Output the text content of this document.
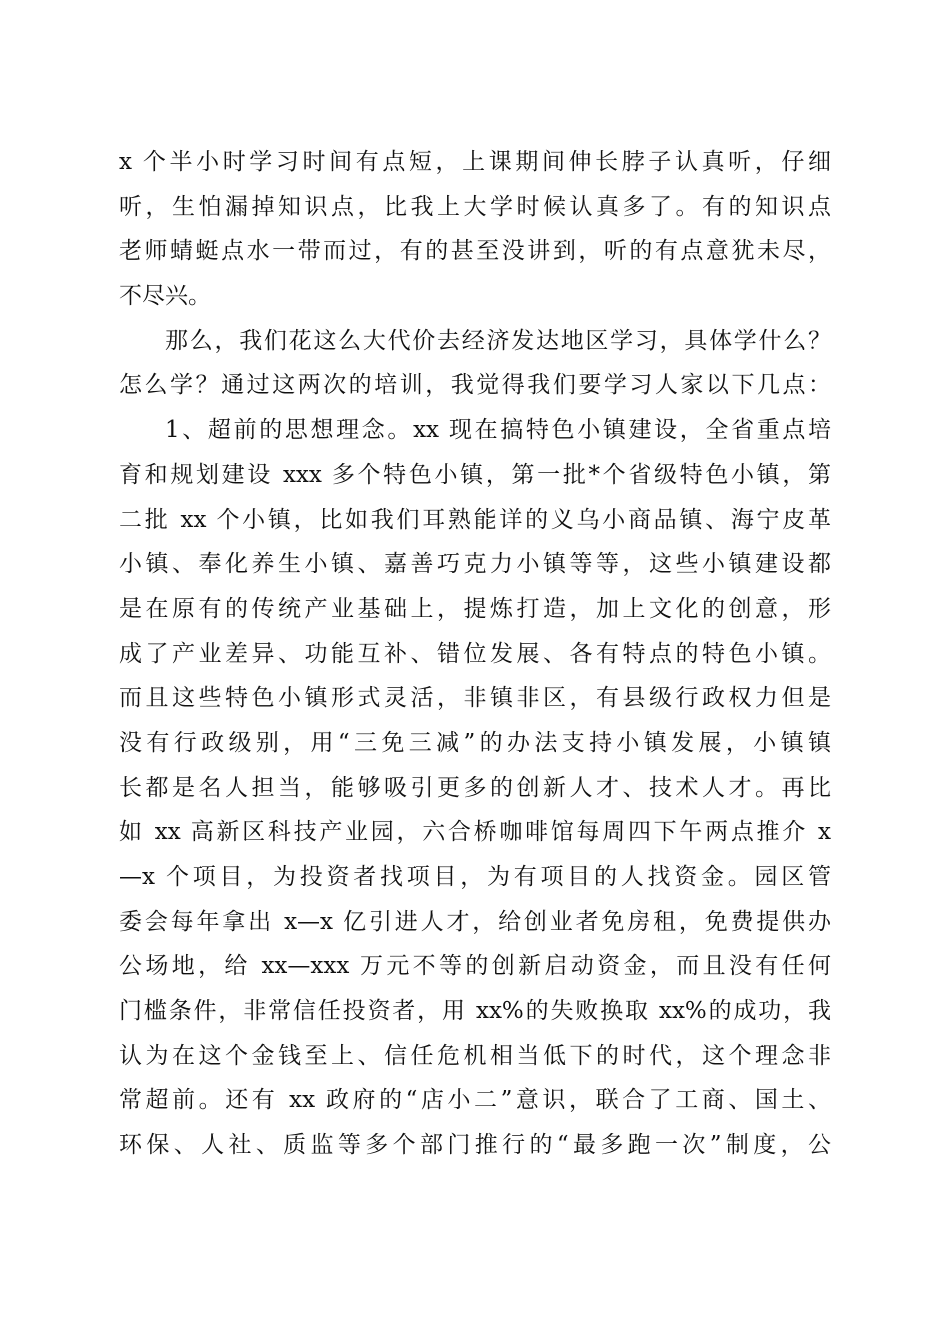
x 个半小时学习时间有点短，上课期间伸长脖子认真听，仔细
听，生怕漏掉知识点，比我上大学时候认真多了。有的知识点
老师蜻蜓点水一带而过，有的甚至没讲到，听的有点意犹未尽，
不尽兴。
那么，我们花这么大代价去经济发达地区学习，具体学什么？
怎么学？通过这两次的培训，我觉得我们要学习人家以下几点：
1、超前的思想理念。xx 现在搞特色小镇建设，全省重点培
育和规划建设 xxx 多个特色小镇，第一批*个省级特色小镇，第
二批 xx 个小镇，比如我们耳熟能详的义乌小商品镇、海宁皮革
小镇、奉化养生小镇、嘉善巧克力小镇等等，这些小镇建设都
是在原有的传统产业基础上，提炼打造，加上文化的创意，形
成了产业差异、功能互补、错位发展、各有特点的特色小镇。
而且这些特色小镇形式灵活，非镇非区，有县级行政权力但是
没有行政级别，用“三免三减”的办法支持小镇发展，小镇镇
长都是名人担当，能够吸引更多的创新人才、技术人才。再比
如 xx 高新区科技产业园，六合桥咖啡馆每周四下午两点推介 x
—x 个项目，为投资者找项目，为有项目的人找资金。园区管
委会每年拿出 x—x 亿引进人才，给创业者免房租，免费提供办
公场地，给 xx—xxx 万元不等的创新启动资金，而且没有任何
门槛条件，非常信任投资者，用 xx%的失败换取 xx%的成功，我
认为在这个金钱至上、信任危机相当低下的时代，这个理念非
常超前。还有 xx 政府的“店小二”意识，联合了工商、国土、
环保、人社、质监等多个部门推行的“最多跑一次”制度，公
